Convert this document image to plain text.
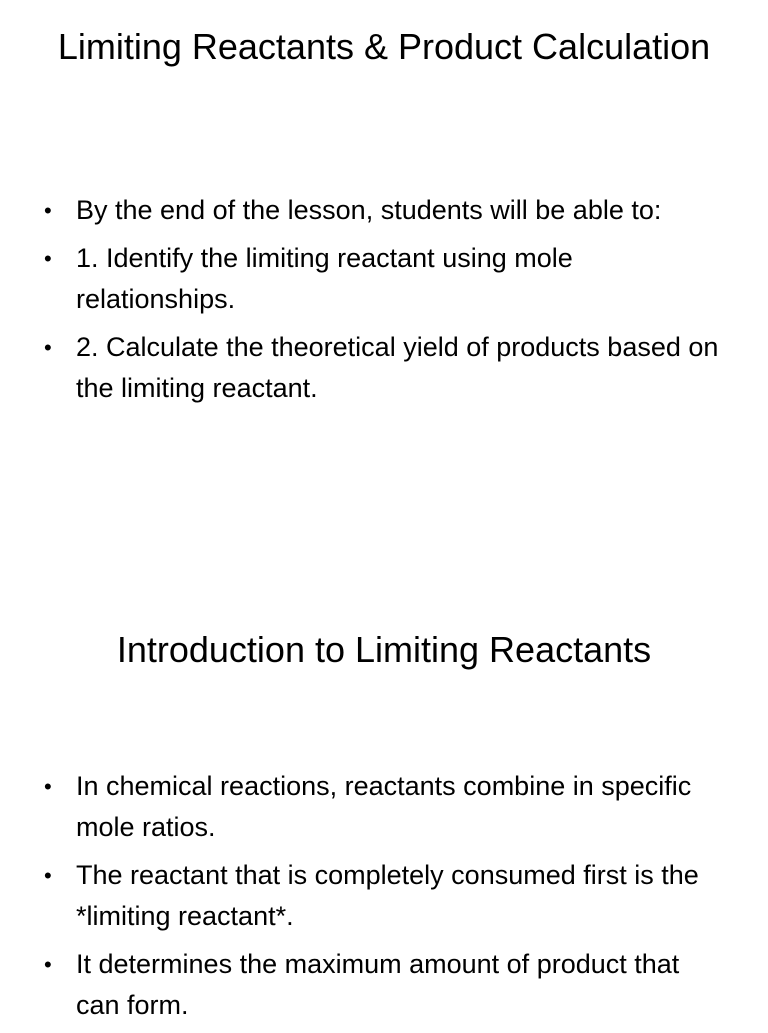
Limiting Reactants & Product Calculation
• By the end of the lesson, students will be able to:
• 1. Identify the limiting reactant using mole relationships.
• 2. Calculate the theoretical yield of products based on the limiting reactant.
Introduction to Limiting Reactants
• In chemical reactions, reactants combine in specific mole ratios.
• The reactant that is completely consumed first is the *limiting reactant*.
• It determines the maximum amount of product that can form.
